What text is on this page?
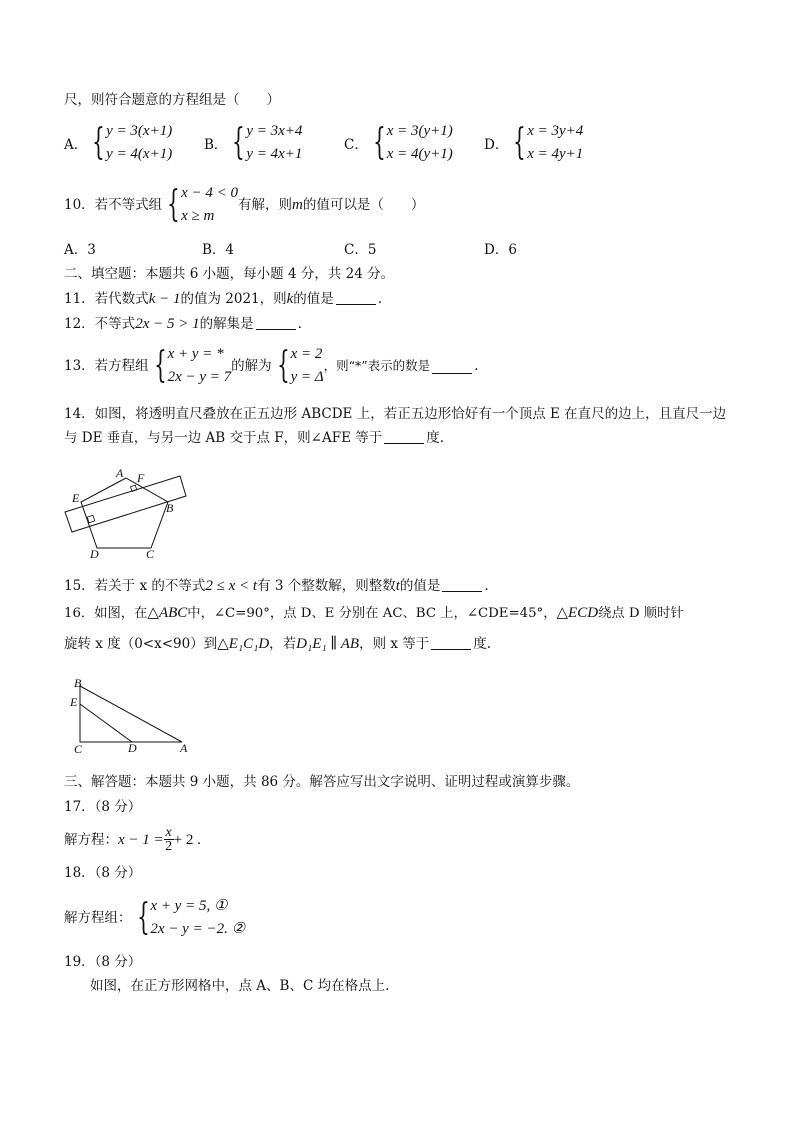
尺，则符合题意的方程组是（　　）
A． { y = 3(x+1)
y = 4(x+1)
B． { y = 3x+4
y = 4x+1
C． { x = 3(y+1)
x = 4(y+1)
D． { x = 3y+4
x = 4y+1
10．若不等式组 { x − 4 < 0
x ≥ m
有解，则 m 的值可以是（　　）
A．3	B．4	C．5	D．6
二、填空题：本题共 6 小题，每小题 4 分，共 24 分。
11．若代数式k − 1的值为 2021，则k的值是	.
12．不等式2x − 5 > 1的解集是	.
13．若方程组 { x + y = *
2x − y = 7
的解为 { x = 2
y = Δ
，则“*”表示的数是	.
14．如图，将透明直尺叠放在正五边形 ABCDE 上，若正五边形恰好有一个顶点 E 在直尺的边上，且直尺一边
与 DE 垂直，与另一边 AB 交于点 F，则∠AFE 等于	度.
A F
E
B
D	C
15．若关于 x 的不等式2 ≤ x < t有 3 个整数解，则整数t的值是	.
16．如图，在△ABC中，∠C=90°，点 D、E 分别在 AC、BC 上，∠CDE=45°，△ECD绕点 D 顺时针
旋转 x 度（0<x<90）到△E₁C₁D，若D₁E₁ ∥ AB，则 x 等于	度.
B
E
C	D	A
三、解答题：本题共 9 小题，共 86 分。解答应写出文字说明、证明过程或演算步骤。
17．（8 分）
解方程： $x - 1 = \frac{x}{2} + 2$ .
18．（8 分）
解方程组： { x + y = 5, ①
2x − y = −2. ②
19．（8 分）
如图，在正方形网格中，点 A、B、C 均在格点上.
